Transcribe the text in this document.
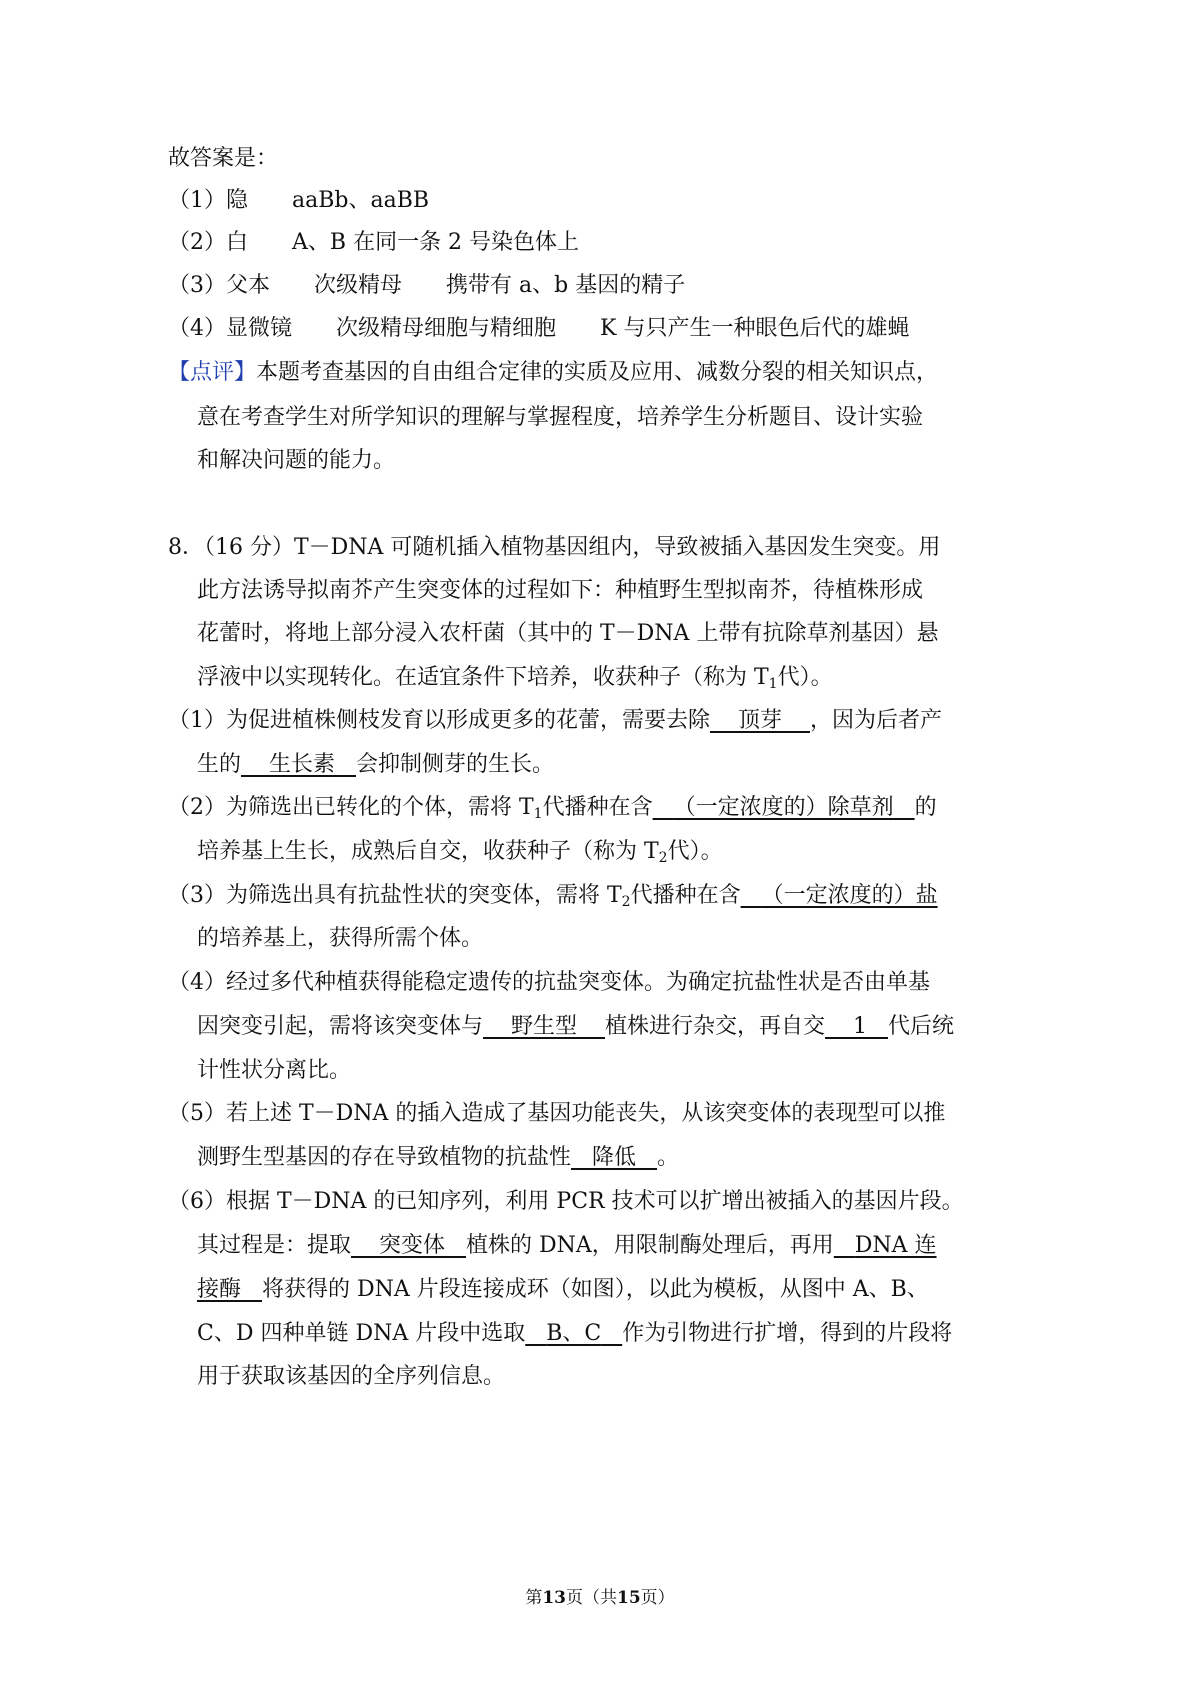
故答案是：
（1）隐 aaBb、aaBB
（2）白 A、B 在同一条 2 号染色体上
（3）父本 次级精母 携带有 a、b 基因的精子
（4）显微镜 次级精母细胞与精细胞 K 与只产生一种眼色后代的雄蝇
【点评】本题考查基因的自由组合定律的实质及应用、减数分裂的相关知识点，
意在考查学生对所学知识的理解与掌握程度，培养学生分析题目、设计实验
和解决问题的能力。
8．（16 分）T－DNA 可随机插入植物基因组内，导致被插入基因发生突变。用
此方法诱导拟南芥产生突变体的过程如下：种植野生型拟南芥，待植株形成
花蕾时，将地上部分浸入农杆菌（其中的 T－DNA 上带有抗除草剂基因）悬
浮液中以实现转化。在适宜条件下培养，收获种子（称为 $T_1$代）。
（1）为促进植株侧枝发育以形成更多的花蕾，需要去除 顶芽 ，因为后者产
生的 生长素 会抑制侧芽的生长。
（2）为筛选出已转化的个体，需将 $T_1$代播种在含 （一定浓度的）除草剂 的
培养基上生长，成熟后自交，收获种子（称为 $T_2$代）。
（3）为筛选出具有抗盐性状的突变体，需将 $T_2$代播种在含 （一定浓度的）盐
的培养基上，获得所需个体。
（4）经过多代种植获得能稳定遗传的抗盐突变体。为确定抗盐性状是否由单基
因突变引起，需将该突变体与 野生型 植株进行杂交，再自交 1 代后统
计性状分离比。
（5）若上述 T－DNA 的插入造成了基因功能丧失，从该突变体的表现型可以推
测野生型基因的存在导致植物的抗盐性 降低 。
（6）根据 T－DNA 的已知序列，利用 PCR 技术可以扩增出被插入的基因片段。
其过程是：提取 突变体 植株的 DNA，用限制酶处理后，再用 DNA 连
接酶 将获得的 DNA 片段连接成环（如图），以此为模板，从图中 A、B、
C、D 四种单链 DNA 片段中选取 B、C 作为引物进行扩增，得到的片段将
用于获取该基因的全序列信息。
第13页（共15页）
